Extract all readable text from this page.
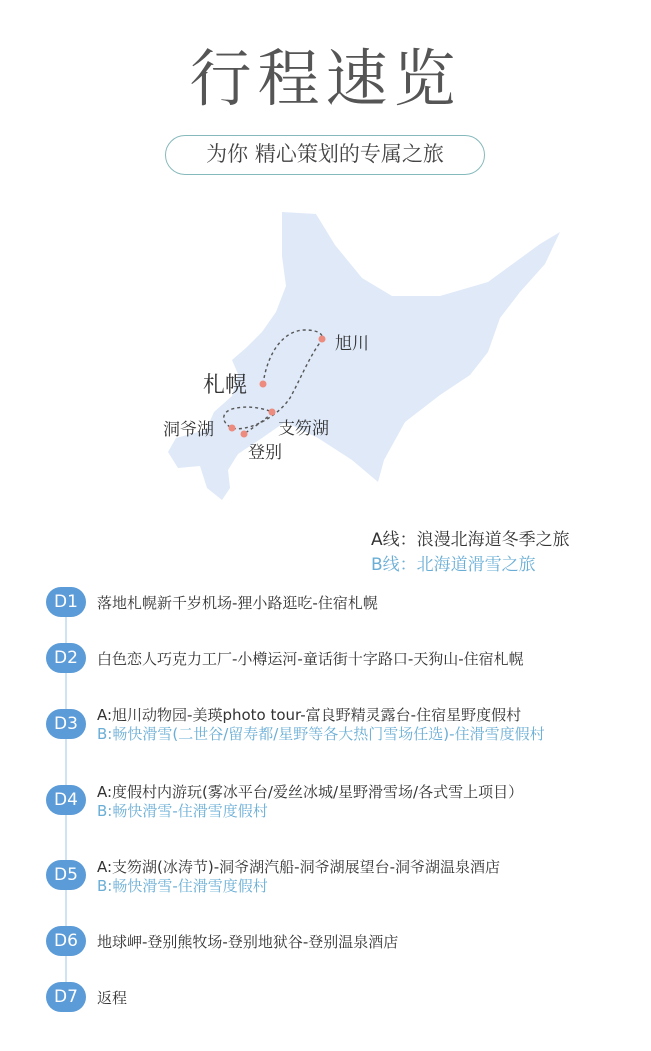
行程速览
为你 精心策划的专属之旅
旭川
札幌
洞爷湖	支笏湖
登别
A线：浪漫北海道冬季之旅
B线：北海道滑雪之旅
D1	落地札幌新千岁机场-狸小路逛吃-住宿札幌
D2	白色恋人巧克力工厂-小樽运河-童话街十字路口-天狗山-住宿札幌
D3	A:旭川动物园-美瑛photo tour-富良野精灵露台-住宿星野度假村
B:畅快滑雪(二世谷/留寿都/星野等各大热门雪场任选)-住滑雪度假村
D4	A:度假村内游玩(雾冰平台/爱丝冰城/星野滑雪场/各式雪上项目）
B:畅快滑雪-住滑雪度假村
D5	A:支笏湖(冰涛节)-洞爷湖汽船-洞爷湖展望台-洞爷湖温泉酒店
B:畅快滑雪-住滑雪度假村
D6	地球岬-登别熊牧场-登别地狱谷-登别温泉酒店
D7	返程
